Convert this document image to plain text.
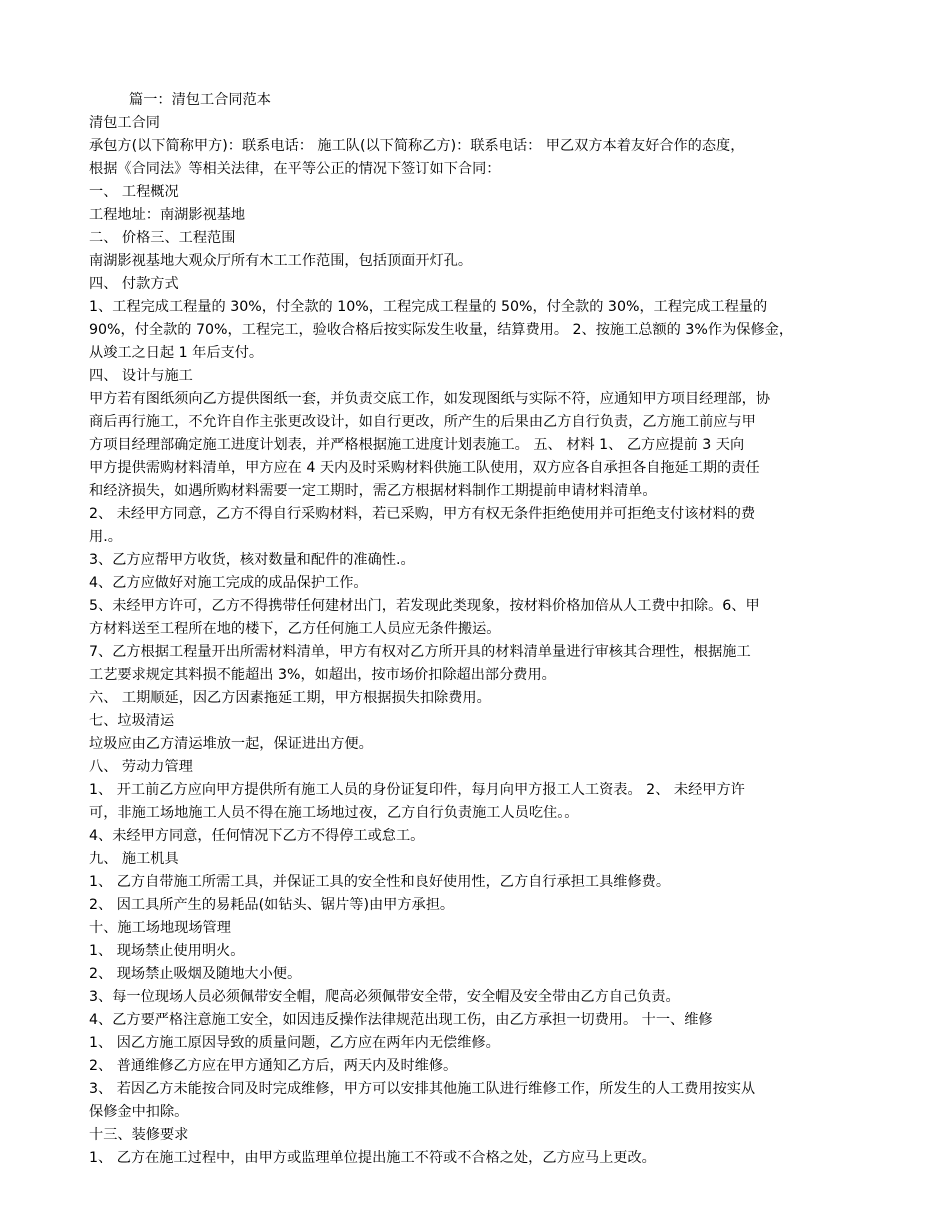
篇一：清包工合同范本
清包工合同
承包方(以下简称甲方)：联系电话： 施工队(以下简称乙方)：联系电话： 甲乙双方本着友好合作的态度，
根据《合同法》等相关法律，在平等公正的情况下签订如下合同：
一、 工程概况
工程地址：南湖影视基地
二、 价格三、工程范围
南湖影视基地大观众厅所有木工工作范围，包括顶面开灯孔。
四、 付款方式
1、工程完成工程量的 30%，付全款的 10%，工程完成工程量的 50%，付全款的 30%，工程完成工程量的
90%，付全款的 70%，工程完工，验收合格后按实际发生收量，结算费用。 2、按施工总额的 3%作为保修金，
从竣工之日起 1 年后支付。
四、 设计与施工
甲方若有图纸须向乙方提供图纸一套，并负责交底工作，如发现图纸与实际不符，应通知甲方项目经理部，协
商后再行施工，不允许自作主张更改设计，如自行更改，所产生的后果由乙方自行负责，乙方施工前应与甲
方项目经理部确定施工进度计划表，并严格根据施工进度计划表施工。 五、 材料 1、 乙方应提前 3 天向
甲方提供需购材料清单，甲方应在 4 天内及时采购材料供施工队使用，双方应各自承担各自拖延工期的责任
和经济损失，如遇所购材料需要一定工期时，需乙方根据材料制作工期提前申请材料清单。
2、 未经甲方同意，乙方不得自行采购材料，若已采购，甲方有权无条件拒绝使用并可拒绝支付该材料的费
用.。
3、乙方应帮甲方收货，核对数量和配件的准确性.。
4、乙方应做好对施工完成的成品保护工作。
5、未经甲方许可，乙方不得携带任何建材出门，若发现此类现象，按材料价格加倍从人工费中扣除。6、甲
方材料送至工程所在地的楼下，乙方任何施工人员应无条件搬运。
7、乙方根据工程量开出所需材料清单，甲方有权对乙方所开具的材料清单量进行审核其合理性，根据施工
工艺要求规定其料损不能超出 3%，如超出，按市场价扣除超出部分费用。
六、 工期顺延，因乙方因素拖延工期，甲方根据损失扣除费用。
七、垃圾清运
垃圾应由乙方清运堆放一起，保证进出方便。
八、 劳动力管理
1、 开工前乙方应向甲方提供所有施工人员的身份证复印件，每月向甲方报工人工资表。 2、 未经甲方许
可，非施工场地施工人员不得在施工场地过夜，乙方自行负责施工人员吃住。。
4、未经甲方同意，任何情况下乙方不得停工或怠工。
九、 施工机具
1、 乙方自带施工所需工具，并保证工具的安全性和良好使用性，乙方自行承担工具维修费。
2、 因工具所产生的易耗品(如钻头、锯片等)由甲方承担。
十、施工场地现场管理
1、 现场禁止使用明火。
2、 现场禁止吸烟及随地大小便。
3、每一位现场人员必须佩带安全帽，爬高必须佩带安全带，安全帽及安全带由乙方自己负责。
4、乙方要严格注意施工安全，如因违反操作法律规范出现工伤，由乙方承担一切费用。 十一、维修
1、 因乙方施工原因导致的质量问题，乙方应在两年内无偿维修。
2、 普通维修乙方应在甲方通知乙方后，两天内及时维修。
3、 若因乙方未能按合同及时完成维修，甲方可以安排其他施工队进行维修工作，所发生的人工费用按实从
保修金中扣除。
十三、装修要求
1、 乙方在施工过程中，由甲方或监理单位提出施工不符或不合格之处，乙方应马上更改。
